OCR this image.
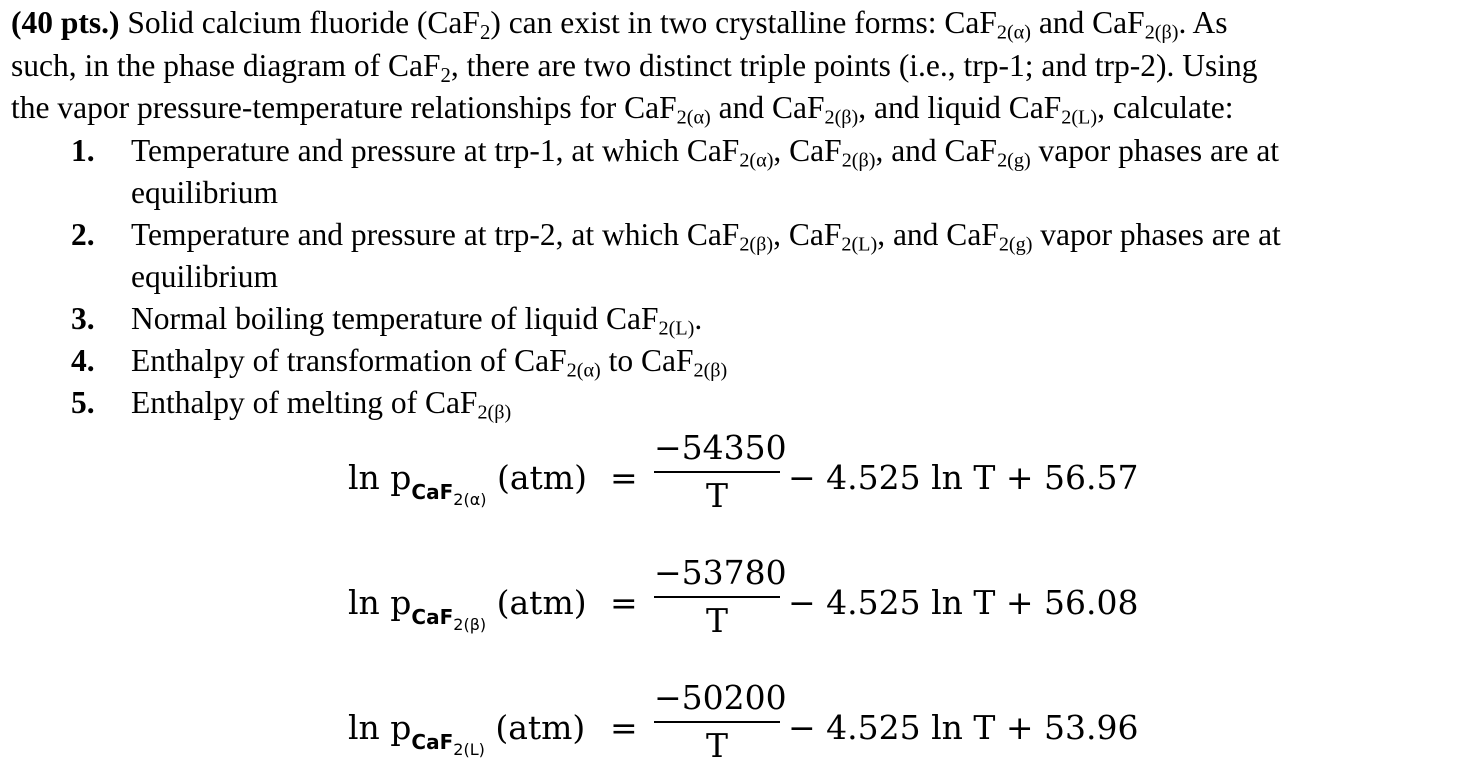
(40 pts.) Solid calcium fluoride (CaF$_2$) can exist in two crystalline forms: CaF$_{2(\alpha)}$ and CaF$_{2(\beta)}$. As
such, in the phase diagram of CaF$_2$, there are two distinct triple points (i.e., trp-1; and trp-2). Using
the vapor pressure-temperature relationships for CaF$_{2(\alpha)}$ and CaF$_{2(\beta)}$, and liquid CaF$_{2(L)}$, calculate:
1. Temperature and pressure at trp-1, at which CaF$_{2(\alpha)}$, CaF$_{2(\beta)}$, and CaF$_{2(g)}$ vapor phases are at
equilibrium
2. Temperature and pressure at trp-2, at which CaF$_{2(\beta)}$, CaF$_{2(L)}$, and CaF$_{2(g)}$ vapor phases are at
equilibrium
3. Normal boiling temperature of liquid CaF$_{2(L)}$.
4. Enthalpy of transformation of CaF$_{2(\alpha)}$ to CaF$_{2(\beta)}$
5. Enthalpy of melting of CaF$_{2(\beta)}$
$\ln p_{CaF2(\alpha)}$ (atm) =
−54350
T	− 4.525 ln T + 56.57
$\ln p_{CaF2(\beta)}$ (atm) =
−53780
T	− 4.525 ln T + 56.08
$\ln p_{CaF2(L)}$ (atm) =
−50200
T	− 4.525 ln T + 53.96
